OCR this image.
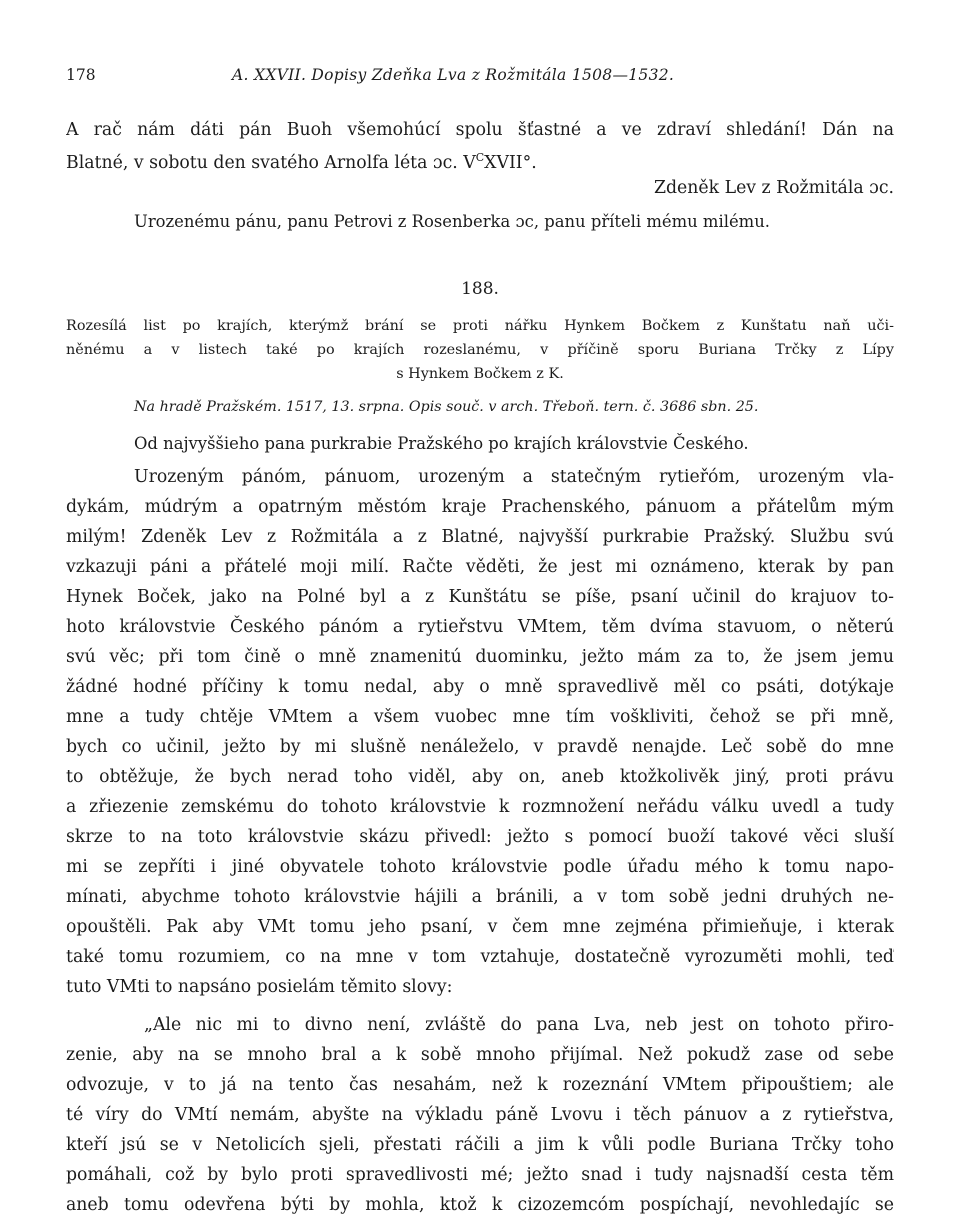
178	A. XXVII. Dopisy Zdeňka Lva z Rožmitála 1508—1532.
A rač nám dáti pán Buoh všemohúcí spolu šťastné a ve zdraví shledání! Dán na
Blatné, v sobotu den svatého Arnolfa léta ɔc. $V^CXVII^\circ$.
Zdeněk Lev z Rožmitála ɔc.
Urozenému pánu, panu Petrovi z Rosenberka ɔc, panu příteli mému milému.
188.
Rozesílá list po krajích, kterýmž brání se proti nářku Hynkem Bočkem z Kunštatu naň uči-
něnému a v listech také po krajích rozeslanému, v příčině sporu Buriana Trčky z Lípy
s Hynkem Bočkem z K.
Na hradě Pražském. 1517, 13. srpna. Opis souč. v arch. Třeboň. tern. č. 3686 sbn. 25.
Od najvyššieho pana purkrabie Pražského po krajích královstvie Českého.
Urozeným pánóm, pánuom, urozeným a statečným rytieřóm, urozeným vla-
dykám, múdrým a opatrným městóm kraje Prachenského, pánuom a přátelům mým
milým! Zdeněk Lev z Rožmitála a z Blatné, najvyšší purkrabie Pražský. Službu svú
vzkazuji páni a přátelé moji milí. Račte věděti, že jest mi oznámeno, kterak by pan
Hynek Boček, jako na Polné byl a z Kunštátu se píše, psaní učinil do krajuov to-
hoto královstvie Českého pánóm a rytieřstvu VMtem, těm dvíma stavuom, o něterú
svú věc; při tom čině o mně znamenitú duominku, ježto mám za to, že jsem jemu
žádné hodné příčiny k tomu nedal, aby o mně spravedlivě měl co psáti, dotýkaje
mne a tudy chtěje VMtem a všem vuobec mne tím voškliviti, čehož se při mně,
bych co učinil, ježto by mi slušně nenáleželo, v pravdě nenajde. Leč sobě do mne
to obtěžuje, že bych nerad toho viděl, aby on, aneb ktožkolivěk jiný, proti právu
a zřiezenie zemskému do tohoto královstvie k rozmnožení neřádu válku uvedl a tudy
skrze to na toto královstvie skázu přivedl: ježto s pomocí buoží takové věci sluší
mi se zepříti i jiné obyvatele tohoto královstvie podle úřadu mého k tomu napo-
mínati, abychme tohoto královstvie hájili a bránili, a v tom sobě jedni druhých ne-
opouštěli. Pak aby VMt tomu jeho psaní, v čem mne zejména přimieňuje, i kterak
také tomu rozumiem, co na mne v tom vztahuje, dostatečně vyrozuměti mohli, teď
tuto VMti to napsáno posielám těmito slovy:
„Ale nic mi to divno není, zvláště do pana Lva, neb jest on tohoto přiro-
zenie, aby na se mnoho bral a k sobě mnoho přijímal. Než pokudž zase od sebe
odvozuje, v to já na tento čas nesahám, než k rozeznání VMtem připouštiem; ale
té víry do VMtí nemám, abyšte na výkladu páně Lvovu i těch pánuov a z rytieřstva,
kteří jsú se v Netolicích sjeli, přestati ráčili a jim k vůli podle Buriana Trčky toho
pomáhali, což by bylo proti spravedlivosti mé; ježto snad i tudy najsnadší cesta těm
aneb tomu odevřena býti by mohla, ktož k cizozemcóm pospíchají, nevohledajíc se
